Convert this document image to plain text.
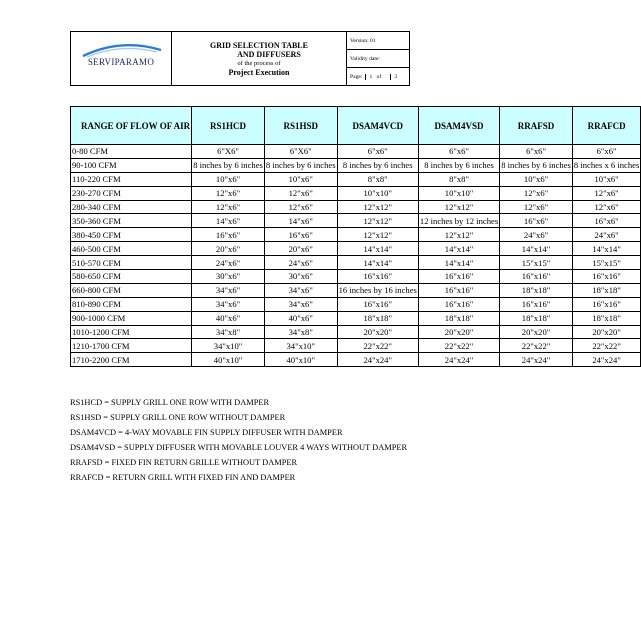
SERVIPARAMO

GRID SELECTION TABLE
AND DIFFUSERS
of the process of
Project Execution
	Version: 01
Validity date:
Page: 1 of 3
RANGE OF FLOW OF AIR	RS1HCD	RS1HSD	DSAM4VCD	DSAM4VSD	RRAFSD	RRAFCD
0-80 CFM	6"X6"	6"X6"	6"x6"	6"x6"	6"x6"	6"x6"
90-100 CFM	8 inches by 6 inches	8 inches by 6 inches	8 inches by 6 inches	8 inches by 6 inches	8 inches by 6 inches	8 inches x 6 inches
110-220 CFM	10"x6"	10"x6"	8"x8"	8"x8"	10"x6"	10"x6"
230-270 CFM	12"x6"	12"x6"	10"x10"	10"x10"	12"x6"	12"x6"
280-340 CFM	12"x6"	12"x6"	12"x12"	12"x12"	12"x6"	12"x6"
350-360 CFM	14"x6"	14"x6"	12"x12"	12 inches by 12 inches	16"x6"	16"x6"
380-450 CFM	16"x6"	16"x6"	12"x12"	12"x12"	24"x6"	24"x6"
460-500 CFM	20"x6"	20"x6"	14"x14"	14"x14"	14"x14"	14"x14"
510-570 CFM	24"x6"	24"x6"	14"x14"	14"x14"	15"x15"	15"x15"
580-650 CFM	30"x6"	30"x6"	16"x16"	16"x16"	16"x16"	16"x16"
660-800 CFM	34"x6"	34"x6"	16 inches by 16 inches	16"x16"	18"x18"	18"x18"
810-890 CFM	34"x6"	34"x6"	16"x16"	16"x16"	16"x16"	16"x16"
900-1000 CFM	40"x6"	40"x6"	18"x18"	18"x18"	18"x18"	18"x18"
1010-1200 CFM	34"x8"	34"x8"	20"x20"	20"x20"	20"x20"	20"x20"
1210-1700 CFM	34"x10"	34"x10"	22"x22"	22"x22"	22"x22"	22"x22"
1710-2200 CFM	40"x10"	40"x10"	24"x24"	24"x24"	24"x24"	24"x24"
RS1HCD = SUPPLY GRILL ONE ROW WITH DAMPER
RS1HSD = SUPPLY GRILL ONE ROW WITHOUT DAMPER
DSAM4VCD = 4-WAY MOVABLE FIN SUPPLY DIFFUSER WITH DAMPER
DSAM4VSD = SUPPLY DIFFUSER WITH MOVABLE LOUVER 4 WAYS WITHOUT DAMPER
RRAFSD = FIXED FIN RETURN GRILLE WITHOUT DAMPER
RRAFCD = RETURN GRILL WITH FIXED FIN AND DAMPER
